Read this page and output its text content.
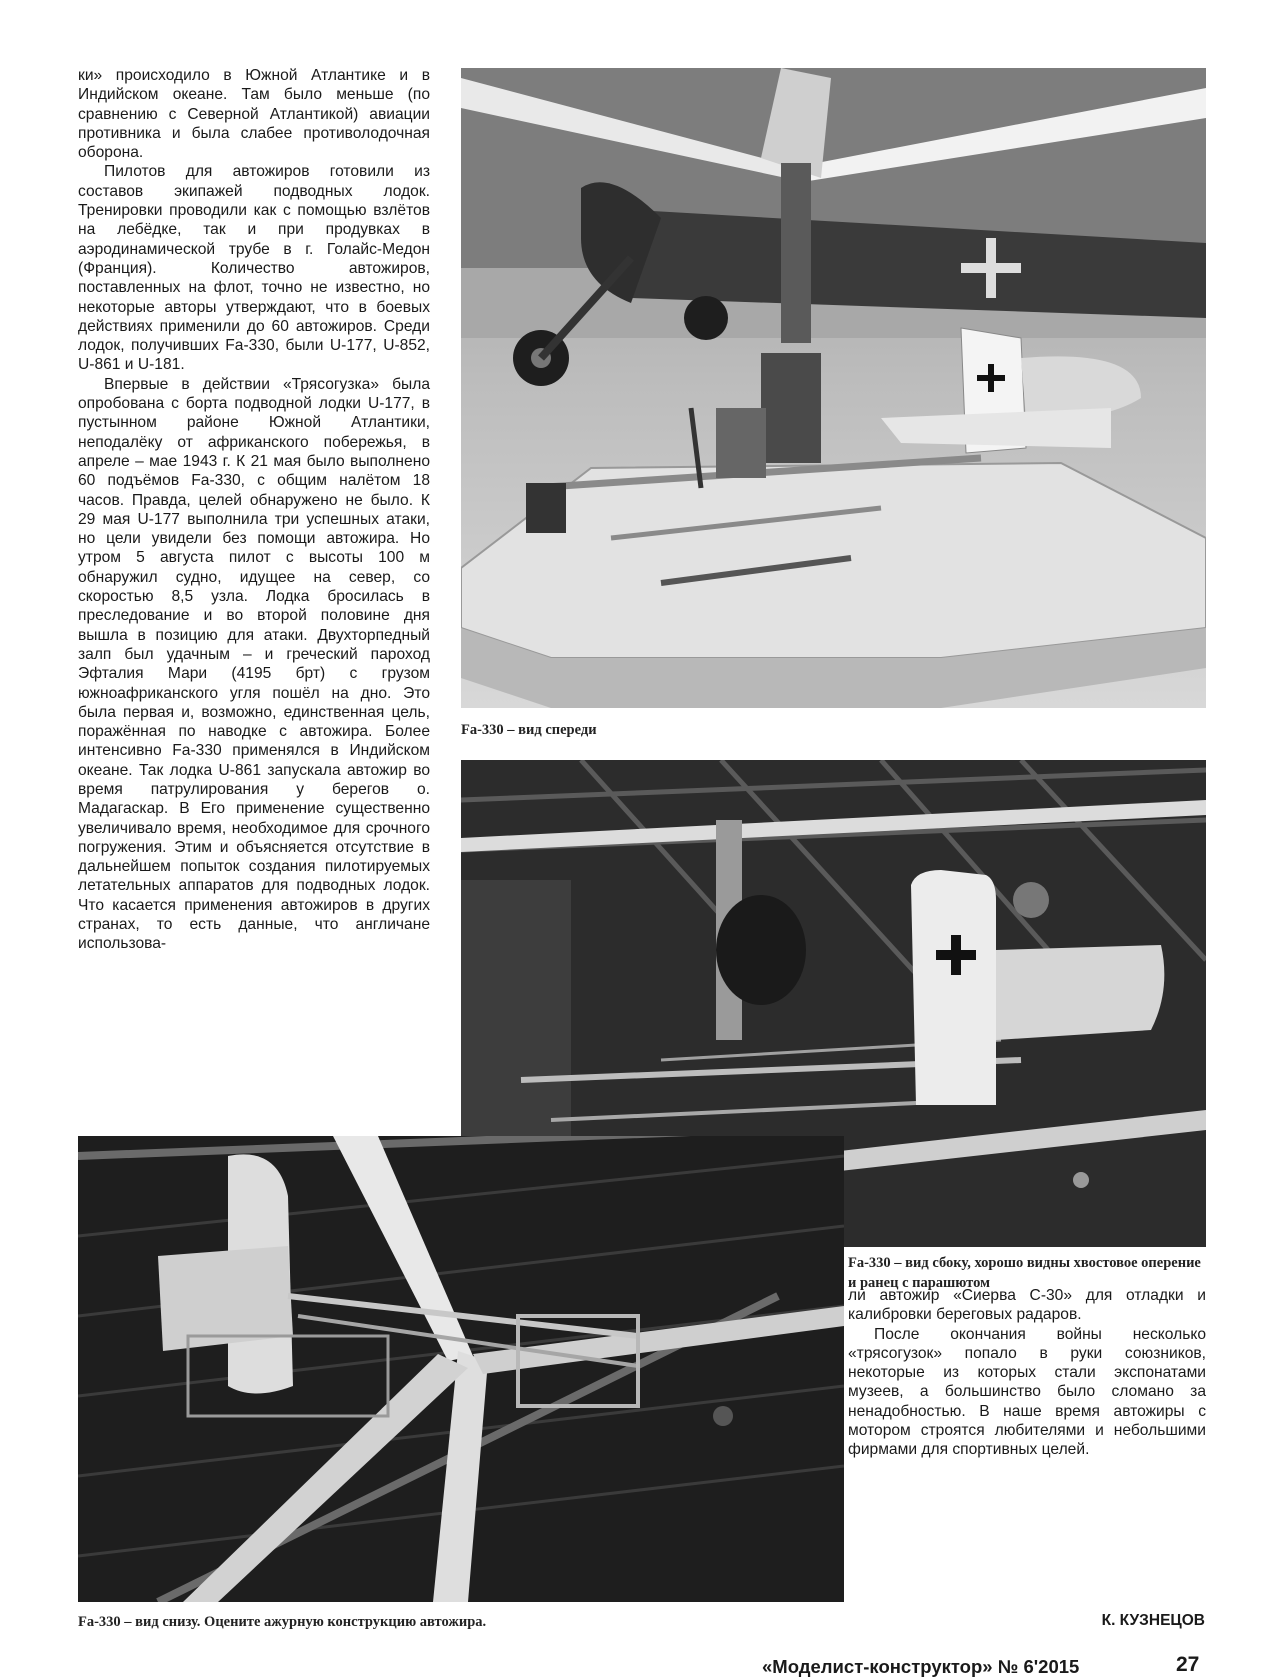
ки» происходило в Южной Атлантике и в Индийском океане. Там было меньше (по сравнению с Северной Атлантикой) авиации противника и была слабее противолодочная оборона.

Пилотов для автожиров готовили из составов экипажей подводных лодок. Тренировки проводили как с помощью взлётов на лебёдке, так и при продувках в аэродинамической трубе в г. Голайс-Медон (Франция). Количество автожиров, поставленных на флот, точно не известно, но некоторые авторы утверждают, что в боевых действиях применили до 60 автожиров. Среди лодок, получивших Fa-330, были U-177, U-852, U-861 и U-181.

Впервые в действии «Трясогузка» была опробована с борта подводной лодки U-177, в пустынном районе Южной Атлантики, неподалёку от африканского побережья, в апреле – мае 1943 г. К 21 мая было выполнено 60 подъёмов Fa-330, с общим налётом 18 часов. Правда, целей обнаружено не было. К 29 мая U-177 выполнила три успешных атаки, но цели увидели без помощи автожира. Но утром 5 августа пилот с высоты 100 м обнаружил судно, идущее на север, со скоростью 8,5 узла. Лодка бросилась в преследование и во второй половине дня вышла в позицию для атаки. Двухторпедный залп был удачным – и греческий пароход Эфталия Мари (4195 брт) с грузом южноафриканского угля пошёл на дно. Это была первая и, возможно, единственная цель, поражённая по наводке с автожира. Более интенсивно Fa-330 применялся в Индийском океане. Так лодка U-861 запускала автожир во время патрулирования у берегов о. Мадагаскар. В Его применение существенно увеличивало время, необходимое для срочного погружения. Этим и объясняется отсутствие в дальнейшем попыток создания пилотируемых летательных аппаратов для подводных лодок. Что касается применения автожиров в других странах, то есть данные, что англичане использова-

Fa-330 – вид спереди
Fa-330 – вид сбоку, хорошо видны хвостовое оперение и ранец с парашютом

ли автожир «Сиерва С-30» для отладки и калибровки береговых радаров.

После окончания войны несколько «трясогузок» попало в руки союзников, некоторые из которых стали экспонатами музеев, а большинство было сломано за ненадобностью. В наше время автожиры с мотором строятся любителями и небольшими фирмами для спортивных целей.

Fa-330 – вид снизу. Оцените ажурную конструкцию автожира.	К. КУЗНЕЦОВ
«Моделист-конструктор» № 6'2015	27
